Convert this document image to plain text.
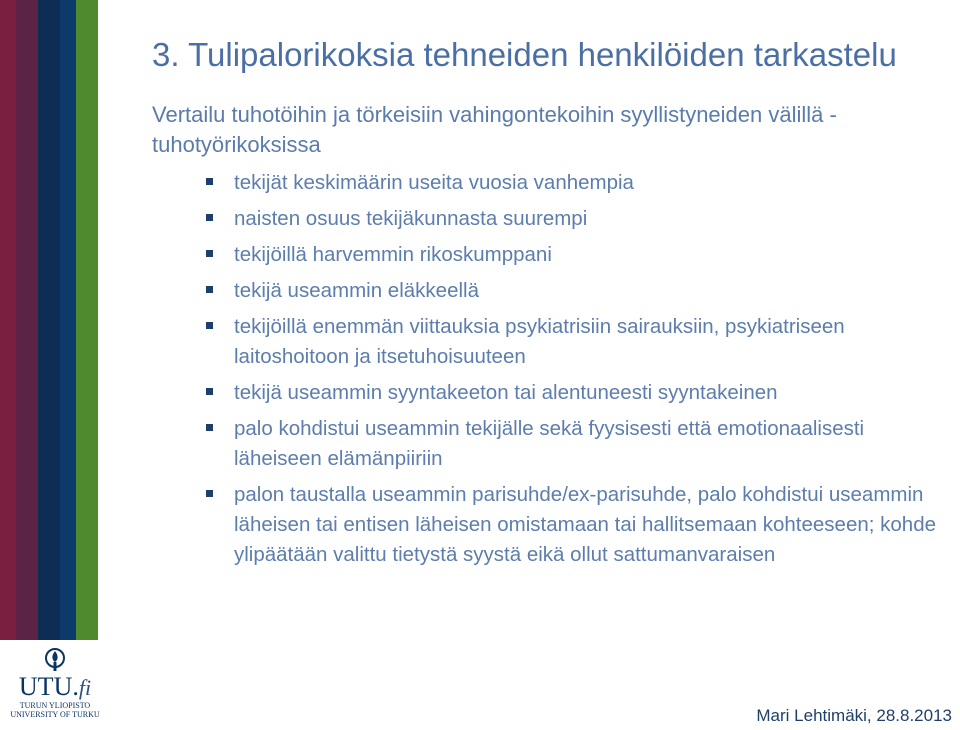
UTU.fi
TURUN YLIOPISTO
UNIVERSITY OF TURKU
3. Tulipalorikoksia tehneiden henkilöiden tarkastelu
Vertailu tuhotöihin ja törkeisiin vahingontekoihin syyllistyneiden välillä - tuhotyörikoksissa
tekijät keskimäärin useita vuosia vanhempia
naisten osuus tekijäkunnasta suurempi
tekijöillä harvemmin rikoskumppani
tekijä useammin eläkkeellä
tekijöillä enemmän viittauksia psykiatrisiin sairauksiin, psykiatriseen laitoshoitoon ja itsetuhoisuuteen
tekijä useammin syyntakeeton tai alentuneesti syyntakeinen
palo kohdistui useammin tekijälle sekä fyysisesti että emotionaalisesti läheiseen elämänpiiriin
palon taustalla useammin parisuhde/ex-parisuhde, palo kohdistui useammin läheisen tai entisen läheisen omistamaan tai hallitsemaan kohteeseen; kohde ylipäätään valittu tietystä syystä eikä ollut sattumanvaraisen
Mari Lehtimäki, 28.8.2013
